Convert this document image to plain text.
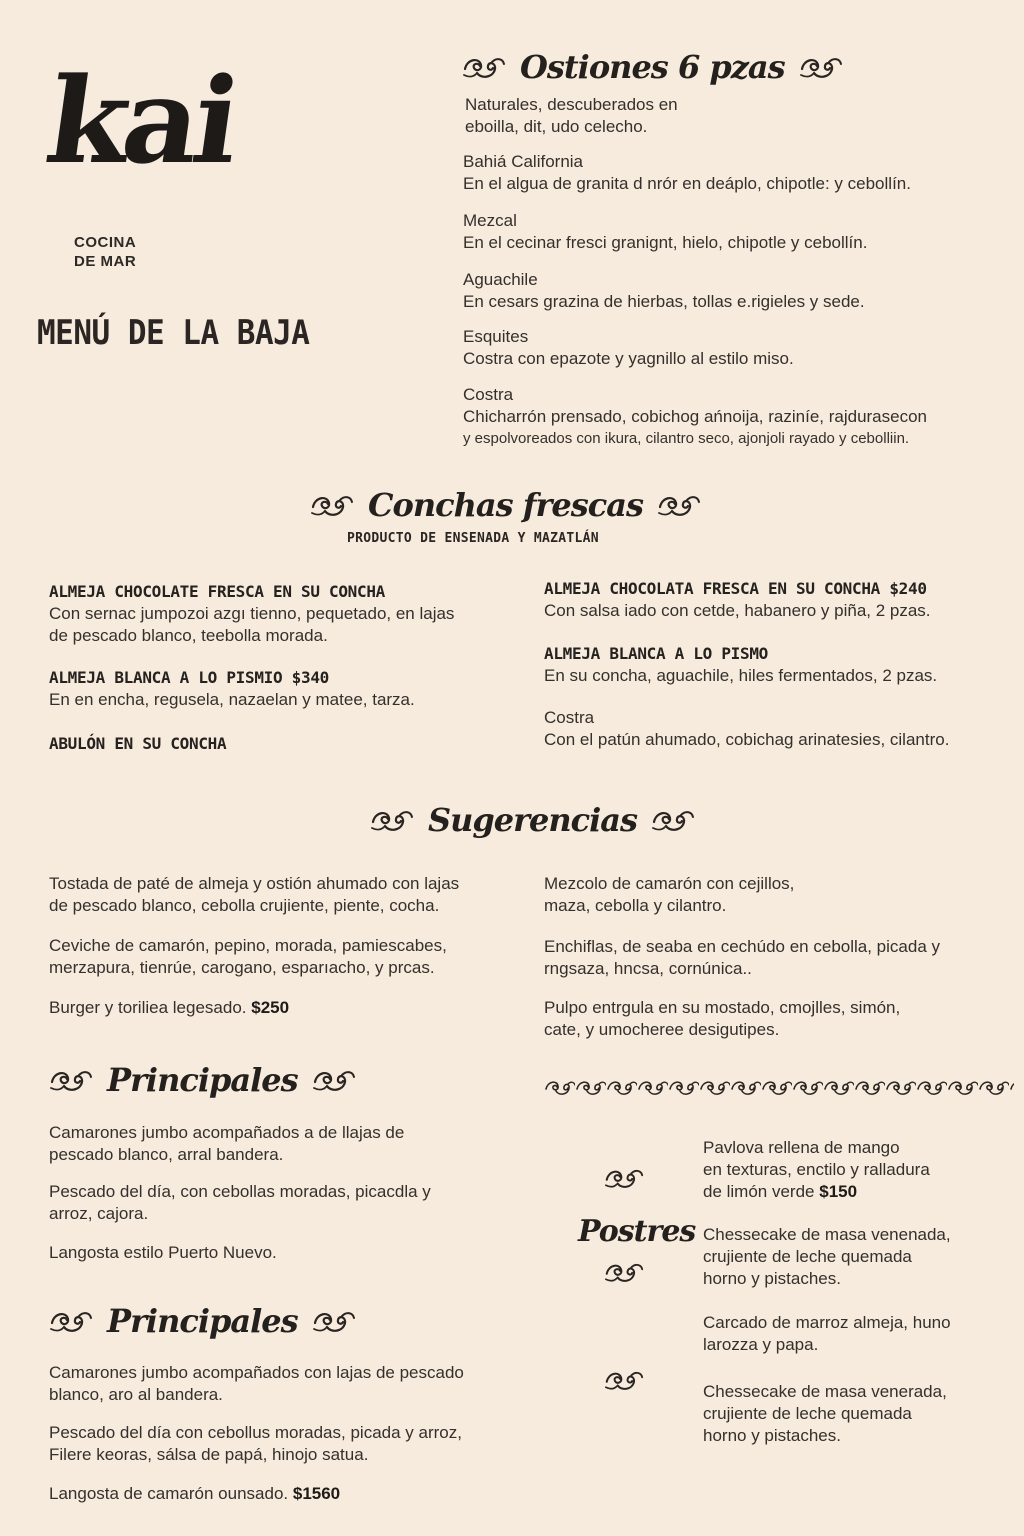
kai
COCINA
DE MAR
MENÚ DE LA BAJA
Ostiones 6 pzas
Naturales, descuberados en
eboilla, dit, udo celecho.
Bahiá California
En el algua de granita d nrór en deáplo, chipotle: y cebollín.
Mezcal
En el cecinar fresci granignt, hielo, chipotle y cebollín.
Aguachile
En cesars grazina de hierbas, tollas e.rigieles y sede.
Esquites
Costra con epazote y yagnillo al estilo miso.
Costra
Chicharrón prensado, cobichog ańnoija, raziníe, rajdurasecon
y espolvoreados con ikura, cilantro seco, ajonjoli rayado y cebolliin.
Conchas frescas
PRODUCTO DE ENSENADA Y MAZATLÁN
ALMEJA CHOCOLATE FRESCA EN SU CONCHA
Con sernac jumpozoi azgı tienno, pequetado, en lajas
de pescado blanco, teebolla morada.
ALMEJA BLANCA A LO PISMIO $340
En en encha, regusela, nazaelan y matee, tarza.
ABULÓN EN SU CONCHA
ALMEJA CHOCOLATA FRESCA EN SU CONCHA $240
Con salsa iado con cetde, habanero y piña, 2 pzas.
ALMEJA BLANCA A LO PISMO
En su concha, aguachile, hiles fermentados, 2 pzas.
Costra
Con el patún ahumado, cobichag arinatesies, cilantro.
Sugerencias
Tostada de paté de almeja y ostión ahumado con lajas
de pescado blanco, cebolla crujiente, piente, cocha.
Ceviche de camarón, pepino, morada, pamiescabes,
merzapura, tienrúe, carogano, esparıacho, y prcas.
Burger y toriliea legesado. $250
Mezcolo de camarón con cejillos,
maza, cebolla y cilantro.
Enchiflas, de seaba en cechúdo en cebolla, picada y
rngsaza, hncsa, cornúnica..
Pulpo entrgula en su mostado, cmojlles, simón,
cate, y umocheree desigutipes.
Principales
Camarones jumbo acompañados a de llajas de
pescado blanco, arral bandera.
Pescado del día, con cebollas moradas, picacdla y
arroz, cajora.
Langosta estilo Puerto Nuevo.
Principales
Camarones jumbo acompañados con lajas de pescado
blanco, aro al bandera.
Pescado del día con cebollus moradas, picada y arroz,
Filere keoras, sálsa de papá, hinojo satua.
Langosta de camarón ounsado. $1560
Postres
Pavlova rellena de mango
en texturas, enctilo y ralladura
de limón verde $150
Chessecake de masa venenada,
crujiente de leche quemada
horno y pistaches.
Carcado de marroz almeja, huno
larozza y papa.
Chessecake de masa venerada,
crujiente de leche quemada
horno y pistaches.
